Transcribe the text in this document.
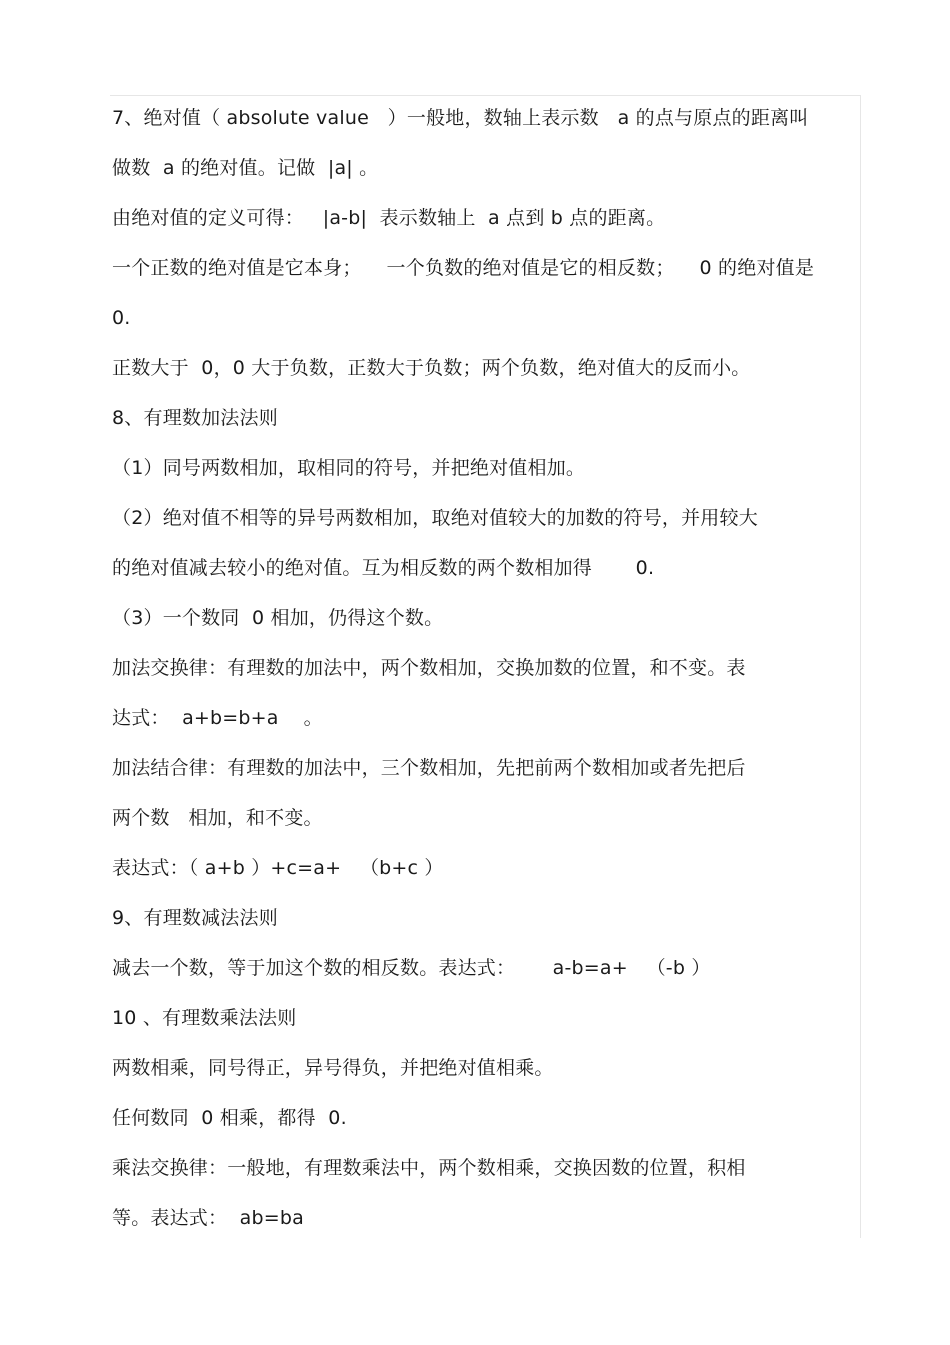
7、绝对值（ absolute value   ）一般地，数轴上表示数   a 的点与原点的距离叫
做数  a 的绝对值。记做  |a| 。
由绝对值的定义可得：   |a-b|  表示数轴上  a 点到 b 点的距离。
一个正数的绝对值是它本身；    一个负数的绝对值是它的相反数；    0 的绝对值是
0.
正数大于  0，0 大于负数，正数大于负数；两个负数，绝对值大的反而小。
8、有理数加法法则
（1）同号两数相加，取相同的符号，并把绝对值相加。
（2）绝对值不相等的异号两数相加，取绝对值较大的加数的符号，并用较大
的绝对值减去较小的绝对值。互为相反数的两个数相加得       0.
（3）一个数同  0 相加，仍得这个数。
加法交换律：有理数的加法中，两个数相加，交换加数的位置，和不变。表
达式：  a+b=b+a    。
加法结合律：有理数的加法中，三个数相加，先把前两个数相加或者先把后
两个数   相加，和不变。
表达式：（ a+b ）+c=a+   （b+c ）
9、有理数减法法则
减去一个数，等于加这个数的相反数。表达式：      a-b=a+   （-b ）
10 、有理数乘法法则
两数相乘，同号得正，异号得负，并把绝对值相乘。
任何数同  0 相乘，都得  0.
乘法交换律：一般地，有理数乘法中，两个数相乘，交换因数的位置，积相
等。表达式：  ab=ba
